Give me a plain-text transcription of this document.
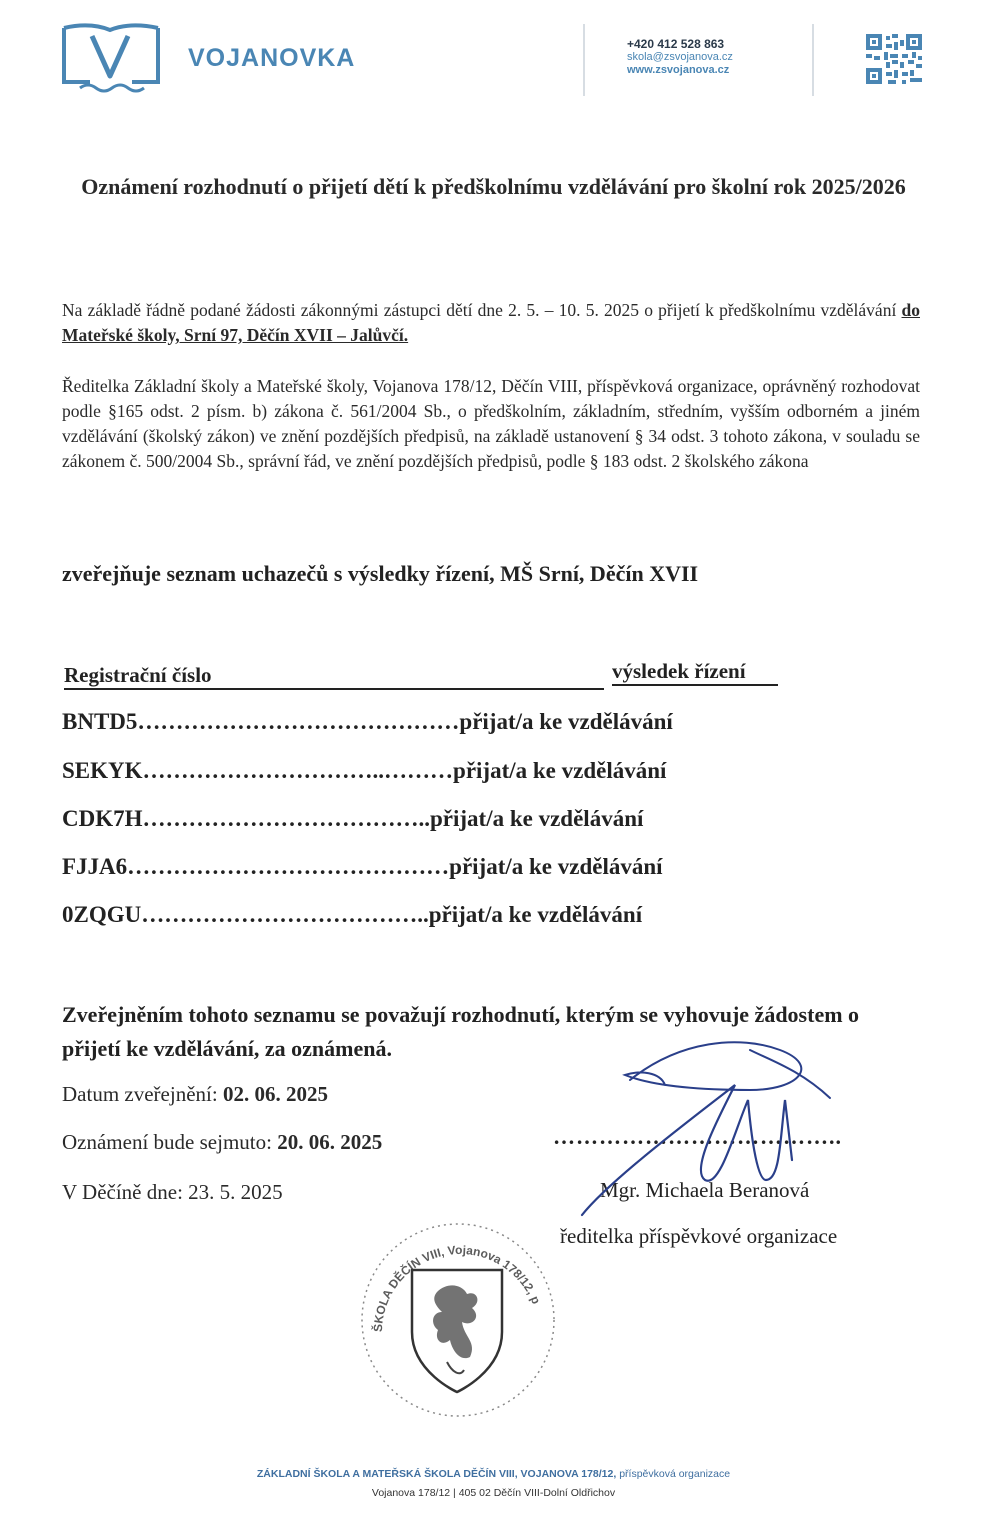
VOJANOVKA	+420 412 528 863
skola@zsvojanova.cz
www.zsvojanova.cz
Oznámení rozhodnutí o přijetí dětí k předškolnímu vzdělávání pro školní rok 2025/2026
Na základě řádně podané žádosti zákonnými zástupci dětí dne 2. 5. – 10. 5. 2025 o přijetí k předškolnímu vzdělávání do Mateřské školy, Srní 97, Děčín XVII – Jalůvčí.
Ředitelka Základní školy a Mateřské školy, Vojanova 178/12, Děčín VIII, příspěvková organizace, oprávněný rozhodovat podle §165 odst. 2 písm. b) zákona č. 561/2004 Sb., o předškolním, základním, středním, vyšším odborném a jiném vzdělávání (školský zákon) ve znění pozdějších předpisů, na základě ustanovení § 34 odst. 3 tohoto zákona, v souladu se zákonem č. 500/2004 Sb., správní řád, ve znění pozdějších předpisů, podle § 183 odst. 2 školského zákona
zveřejňuje seznam uchazečů s výsledky řízení, MŠ Srní, Děčín XVII
Registrační číslo	výsledek řízení
BNTD5……………………………………přijat/a ke vzdělávání
SEKYK…………………………..………přijat/a ke vzdělávání
CDK7H………………………………..přijat/a ke vzdělávání
FJJA6……………………………………přijat/a ke vzdělávání
0ZQGU………………………………..přijat/a ke vzdělávání
Zveřejněním tohoto seznamu se považují rozhodnutí, kterým se vyhovuje žádostem o přijetí ke vzdělávání, za oznámená.
Datum zveřejnění: 02. 06. 2025
Oznámení bude sejmuto: 20. 06. 2025
V Děčíně dne: 23. 5. 2025
………………………………..
Mgr. Michaela Beranová
ředitelka příspěvkové organizace
ŠKOLA DĚČÍN VIII, Vojanova 178/12, p
ZÁKLADNÍ ŠKOLA A MATEŘSKÁ ŠKOLA DĚČÍN VIII, VOJANOVA 178/12, příspěvková organizace
Vojanova 178/12 | 405 02 Děčín VIII-Dolní Oldřichov
